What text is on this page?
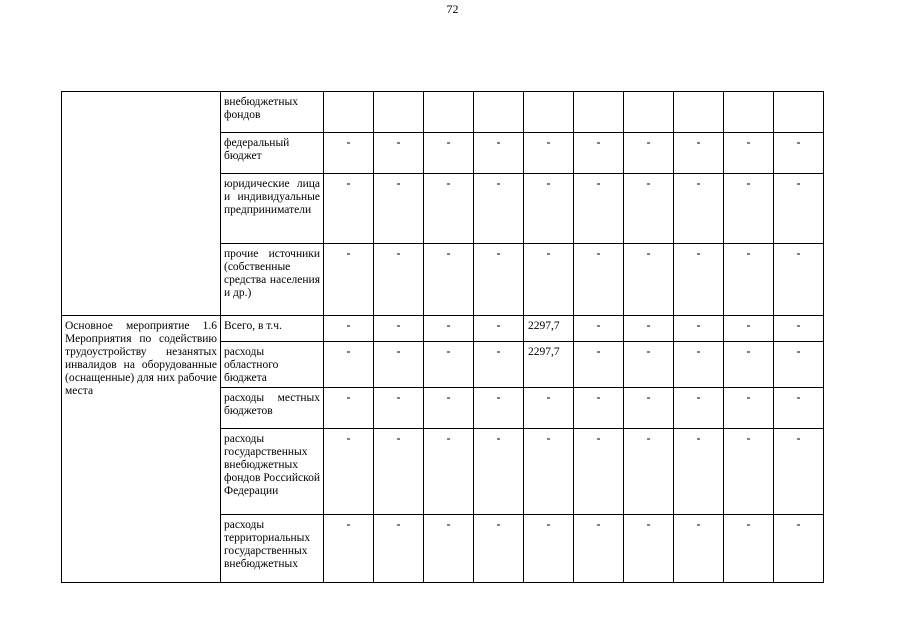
72
	внебюджетных фондов										
	федеральный бюджет	-	-	-	-	-	-	-	-	-	-
	юридические лица и индивидуальные предприниматели	-	-	-	-	-	-	-	-	-	-
	прочие источники (собственные средства населения и др.)	-	-	-	-	-	-	-	-	-	-
Основное мероприятие 1.6 Мероприятия по содействию трудоустройству незанятых инвалидов на оборудованные (оснащенные) для них рабочие места	Всего, в т.ч.	-	-	-	-	2297,7	-	-	-	-	-
	расходы областного бюджета	-	-	-	-	2297,7	-	-	-	-	-
	расходы местных бюджетов	-	-	-	-	-	-	-	-	-	-
	расходы государственных внебюджетных фондов Российской Федерации	-	-	-	-	-	-	-	-	-	-
	расходы территориальных государственных внебюджетных	-	-	-	-	-	-	-	-	-	-
